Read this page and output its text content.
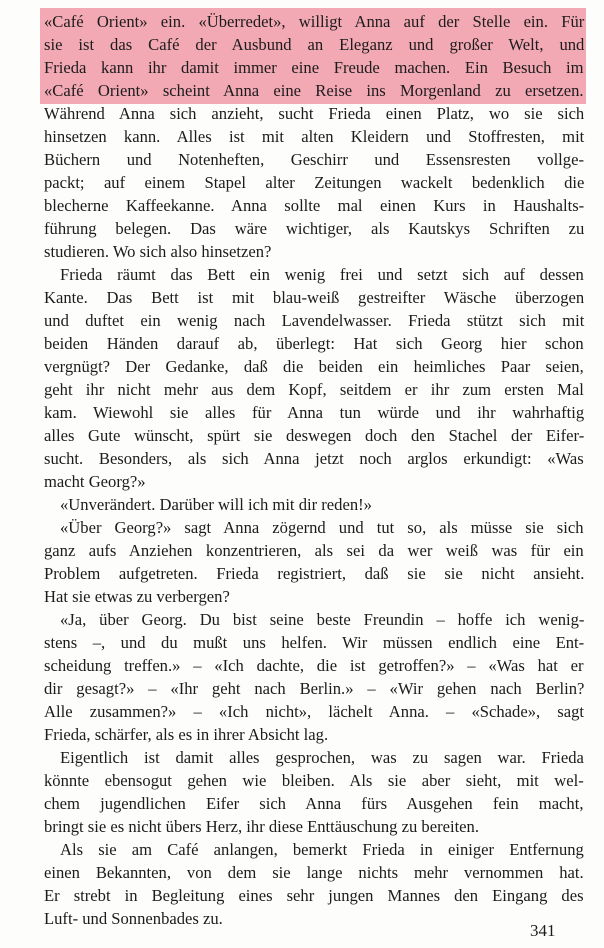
«Café Orient» ein. «Überredet», willigt Anna auf der Stelle ein. Für
sie ist das Café der Ausbund an Eleganz und großer Welt, und
Frieda kann ihr damit immer eine Freude machen. Ein Besuch im
«Café Orient» scheint Anna eine Reise ins Morgenland zu ersetzen.
Während Anna sich anzieht, sucht Frieda einen Platz, wo sie sich
hinsetzen kann. Alles ist mit alten Kleidern und Stoffresten, mit
Büchern und Notenheften, Geschirr und Essensresten vollge-
packt; auf einem Stapel alter Zeitungen wackelt bedenklich die
blecherne Kaffeekanne. Anna sollte mal einen Kurs in Haushalts-
führung belegen. Das wäre wichtiger, als Kautskys Schriften zu
studieren. Wo sich also hinsetzen?
Frieda räumt das Bett ein wenig frei und setzt sich auf dessen
Kante. Das Bett ist mit blau-weiß gestreifter Wäsche überzogen
und duftet ein wenig nach Lavendelwasser. Frieda stützt sich mit
beiden Händen darauf ab, überlegt: Hat sich Georg hier schon
vergnügt? Der Gedanke, daß die beiden ein heimliches Paar seien,
geht ihr nicht mehr aus dem Kopf, seitdem er ihr zum ersten Mal
kam. Wiewohl sie alles für Anna tun würde und ihr wahrhaftig
alles Gute wünscht, spürt sie deswegen doch den Stachel der Eifer-
sucht. Besonders, als sich Anna jetzt noch arglos erkundigt: «Was
macht Georg?»
«Unverändert. Darüber will ich mit dir reden!»
«Über Georg?» sagt Anna zögernd und tut so, als müsse sie sich
ganz aufs Anziehen konzentrieren, als sei da wer weiß was für ein
Problem aufgetreten. Frieda registriert, daß sie sie nicht ansieht.
Hat sie etwas zu verbergen?
«Ja, über Georg. Du bist seine beste Freundin – hoffe ich wenig-
stens –, und du mußt uns helfen. Wir müssen endlich eine Ent-
scheidung treffen.» – «Ich dachte, die ist getroffen?» – «Was hat er
dir gesagt?» – «Ihr geht nach Berlin.» – «Wir gehen nach Berlin?
Alle zusammen?» – «Ich nicht», lächelt Anna. – «Schade», sagt
Frieda, schärfer, als es in ihrer Absicht lag.
Eigentlich ist damit alles gesprochen, was zu sagen war. Frieda
könnte ebensogut gehen wie bleiben. Als sie aber sieht, mit wel-
chem jugendlichen Eifer sich Anna fürs Ausgehen fein macht,
bringt sie es nicht übers Herz, ihr diese Enttäuschung zu bereiten.
Als sie am Café anlangen, bemerkt Frieda in einiger Entfernung
einen Bekannten, von dem sie lange nichts mehr vernommen hat.
Er strebt in Begleitung eines sehr jungen Mannes den Eingang des
Luft- und Sonnenbades zu.
341
